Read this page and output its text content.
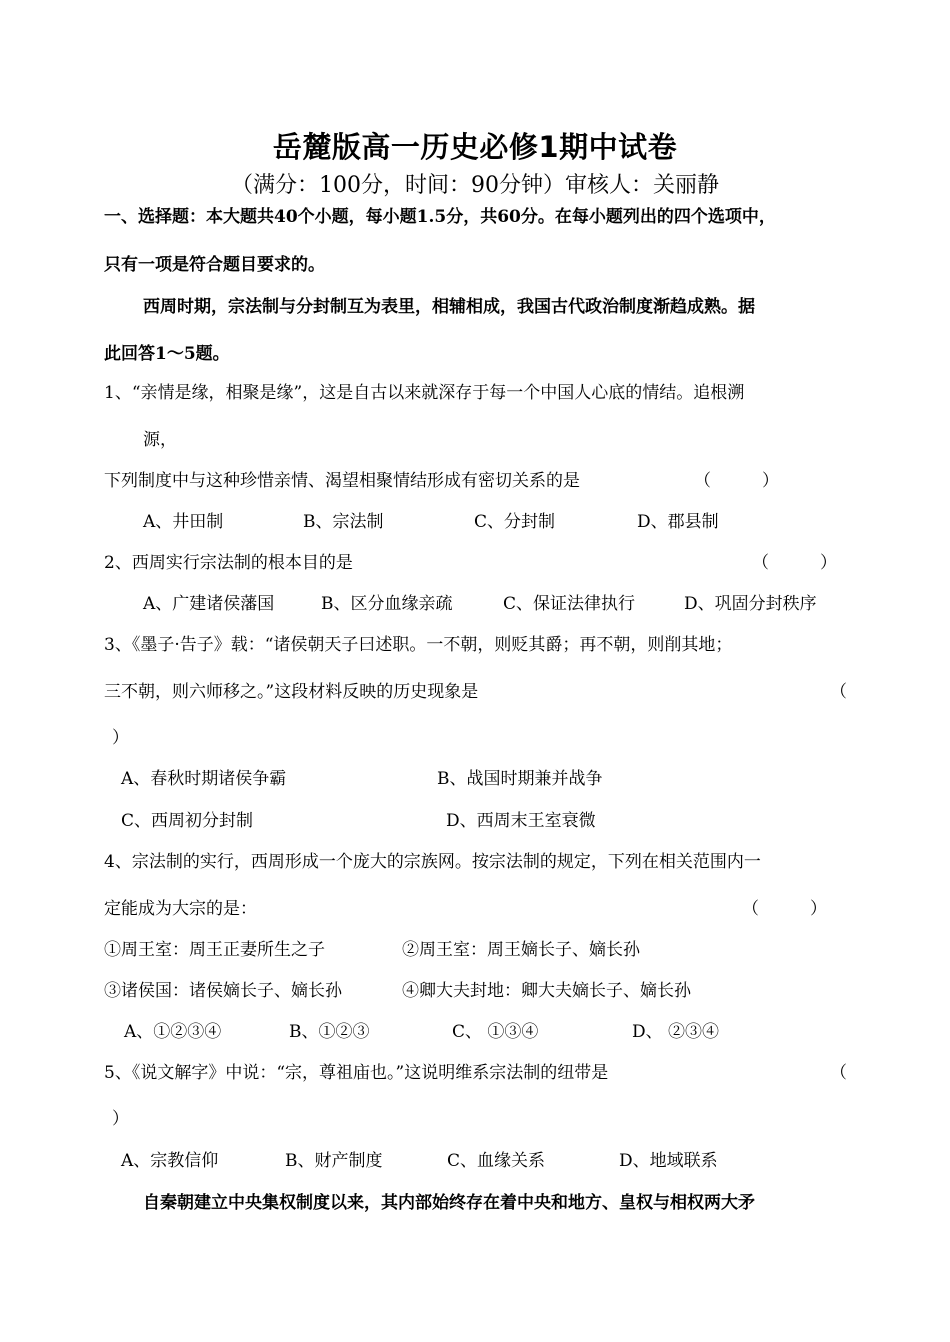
岳麓版高一历史必修1期中试卷
（满分：100分，时间：90分钟）审核人：关丽静
一、选择题：本大题共40个小题，每小题1.5分，共60分。在每小题列出的四个选项中，
只有一项是符合题目要求的。
西周时期，宗法制与分封制互为表里，相辅相成，我国古代政治制度渐趋成熟。据
此回答1～5题。
1、“亲情是缘，相聚是缘”，这是自古以来就深存于每一个中国人心底的情结。追根溯
源，
下列制度中与这种珍惜亲情、渴望相聚情结形成有密切关系的是	（　　　）
A、井田制	B、宗法制	C、分封制	D、郡县制
2、西周实行宗法制的根本目的是	（　　　）
A、广建诸侯藩国	B、区分血缘亲疏	C、保证法律执行	D、巩固分封秩序
3、《墨子·告子》载：“诸侯朝天子曰述职。一不朝，则贬其爵；再不朝，则削其地；
三不朝，则六师移之。”这段材料反映的历史现象是	（
）
A、春秋时期诸侯争霸	B、战国时期兼并战争
C、西周初分封制	D、西周末王室衰微
4、宗法制的实行，西周形成一个庞大的宗族网。按宗法制的规定，下列在相关范围内一
定能成为大宗的是：	（　　　）
①周王室：周王正妻所生之子	②周王室：周王嫡长子、嫡长孙
③诸侯国：诸侯嫡长子、嫡长孙	④卿大夫封地：卿大夫嫡长子、嫡长孙
A、①②③④	B、①②③	C、 ①③④	D、 ②③④
5、《说文解字》中说：“宗，尊祖庙也。”这说明维系宗法制的纽带是	（
）
A、宗教信仰	B、财产制度	C、血缘关系	D、地域联系
自秦朝建立中央集权制度以来，其内部始终存在着中央和地方、皇权与相权两大矛
